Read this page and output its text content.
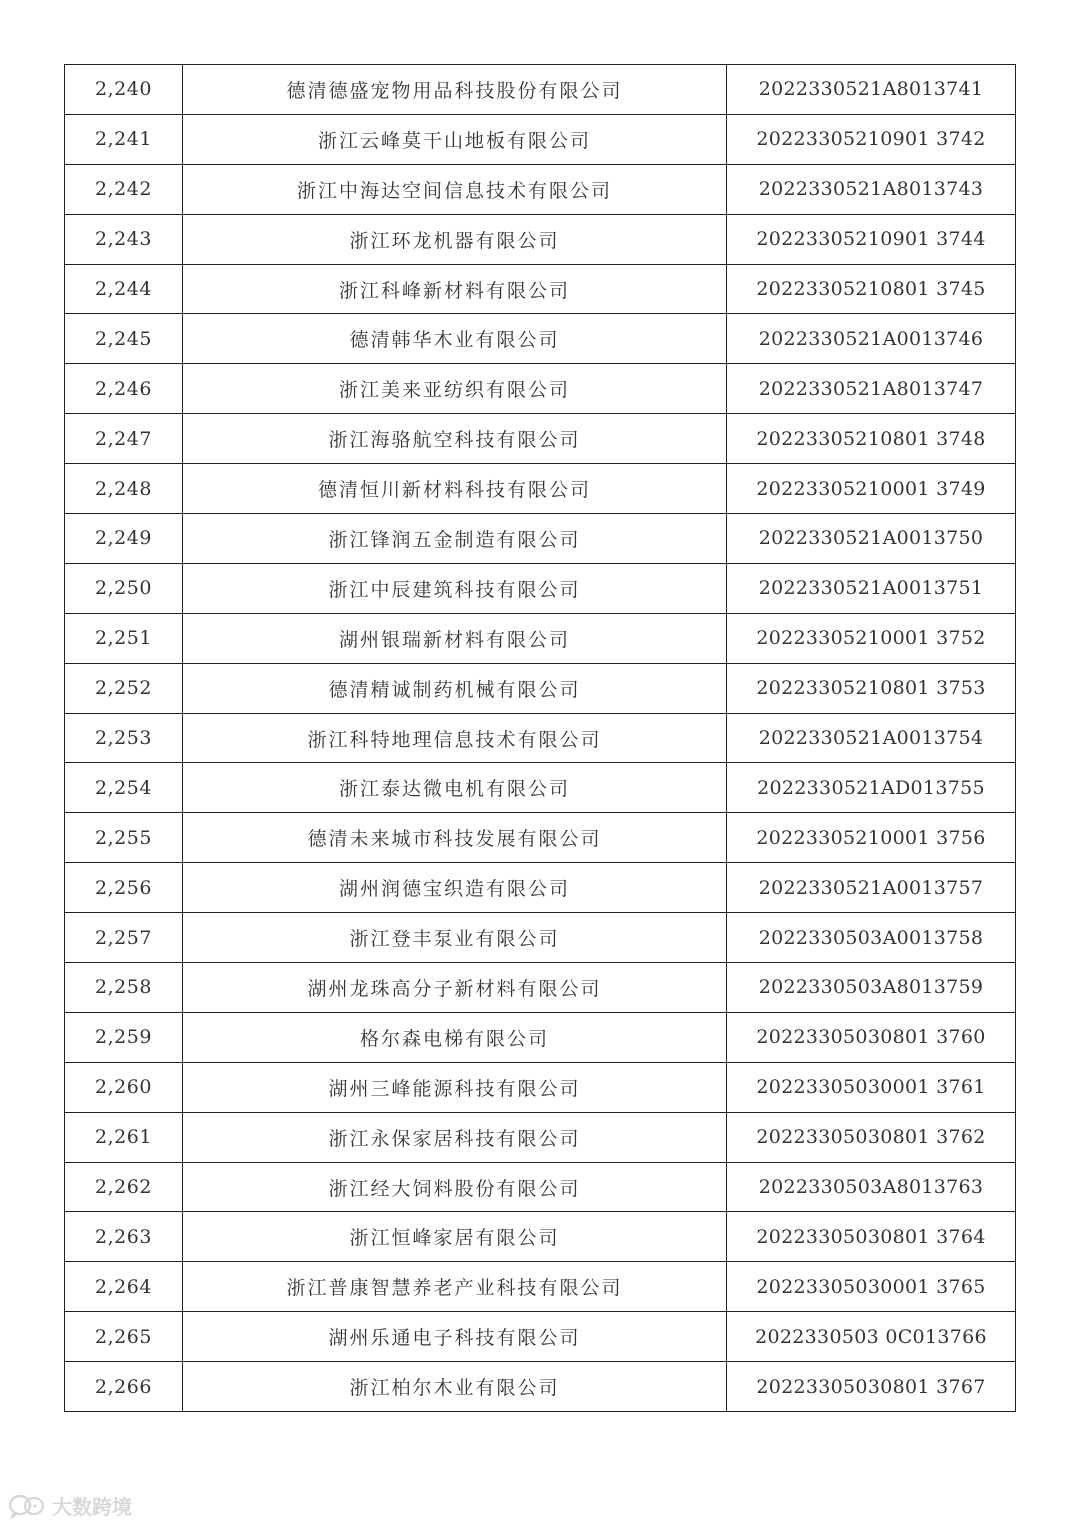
2,240	德清德盛宠物用品科技股份有限公司	2022330521A8013741
2,241	浙江云峰莫干山地板有限公司	20223305210901 3742
2,242	浙江中海达空间信息技术有限公司	2022330521A8013743
2,243	浙江环龙机器有限公司	20223305210901 3744
2,244	浙江科峰新材料有限公司	20223305210801 3745
2,245	德清韩华木业有限公司	2022330521A0013746
2,246	浙江美来亚纺织有限公司	2022330521A8013747
2,247	浙江海骆航空科技有限公司	20223305210801 3748
2,248	德清恒川新材料科技有限公司	20223305210001 3749
2,249	浙江锋润五金制造有限公司	2022330521A0013750
2,250	浙江中辰建筑科技有限公司	2022330521A0013751
2,251	湖州银瑞新材料有限公司	20223305210001 3752
2,252	德清精诚制药机械有限公司	20223305210801 3753
2,253	浙江科特地理信息技术有限公司	2022330521A0013754
2,254	浙江泰达微电机有限公司	2022330521AD013755
2,255	德清未来城市科技发展有限公司	20223305210001 3756
2,256	湖州润德宝织造有限公司	2022330521A0013757
2,257	浙江登丰泵业有限公司	2022330503A0013758
2,258	湖州龙珠高分子新材料有限公司	2022330503A8013759
2,259	格尔森电梯有限公司	20223305030801 3760
2,260	湖州三峰能源科技有限公司	20223305030001 3761
2,261	浙江永保家居科技有限公司	20223305030801 3762
2,262	浙江经大饲料股份有限公司	2022330503A8013763
2,263	浙江恒峰家居有限公司	20223305030801 3764
2,264	浙江普康智慧养老产业科技有限公司	20223305030001 3765
2,265	湖州乐通电子科技有限公司	2022330503 0C013766
2,266	浙江柏尔木业有限公司	20223305030801 3767
大数跨境
